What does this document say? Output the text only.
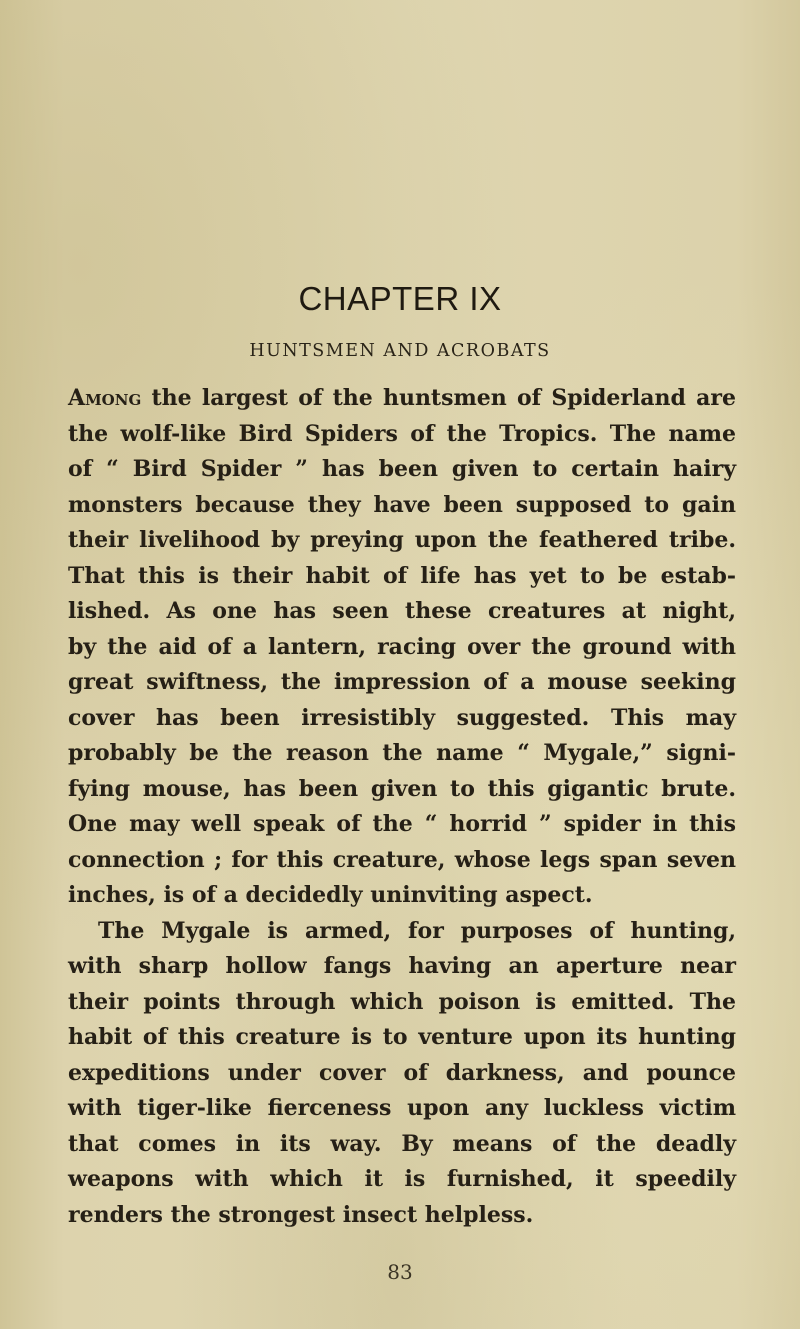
CHAPTER IX
HUNTSMEN AND ACROBATS
Among the largest of the huntsmen of Spiderland are
the wolf-like Bird Spiders of the Tropics. The name
of “ Bird Spider ” has been given to certain hairy
monsters because they have been supposed to gain
their livelihood by preying upon the feathered tribe.
That this is their habit of life has yet to be estab-
lished. As one has seen these creatures at night,
by the aid of a lantern, racing over the ground with
great swiftness, the impression of a mouse seeking
cover has been irresistibly suggested. This may
probably be the reason the name “ Mygale,” signi-
fying mouse, has been given to this gigantic brute.
One may well speak of the “ horrid ” spider in this
connection ; for this creature, whose legs span seven
inches, is of a decidedly uninviting aspect.
The Mygale is armed, for purposes of hunting,
with sharp hollow fangs having an aperture near
their points through which poison is emitted. The
habit of this creature is to venture upon its hunting
expeditions under cover of darkness, and pounce
with tiger-like fierceness upon any luckless victim
that comes in its way. By means of the deadly
weapons with which it is furnished, it speedily
renders the strongest insect helpless.
83
